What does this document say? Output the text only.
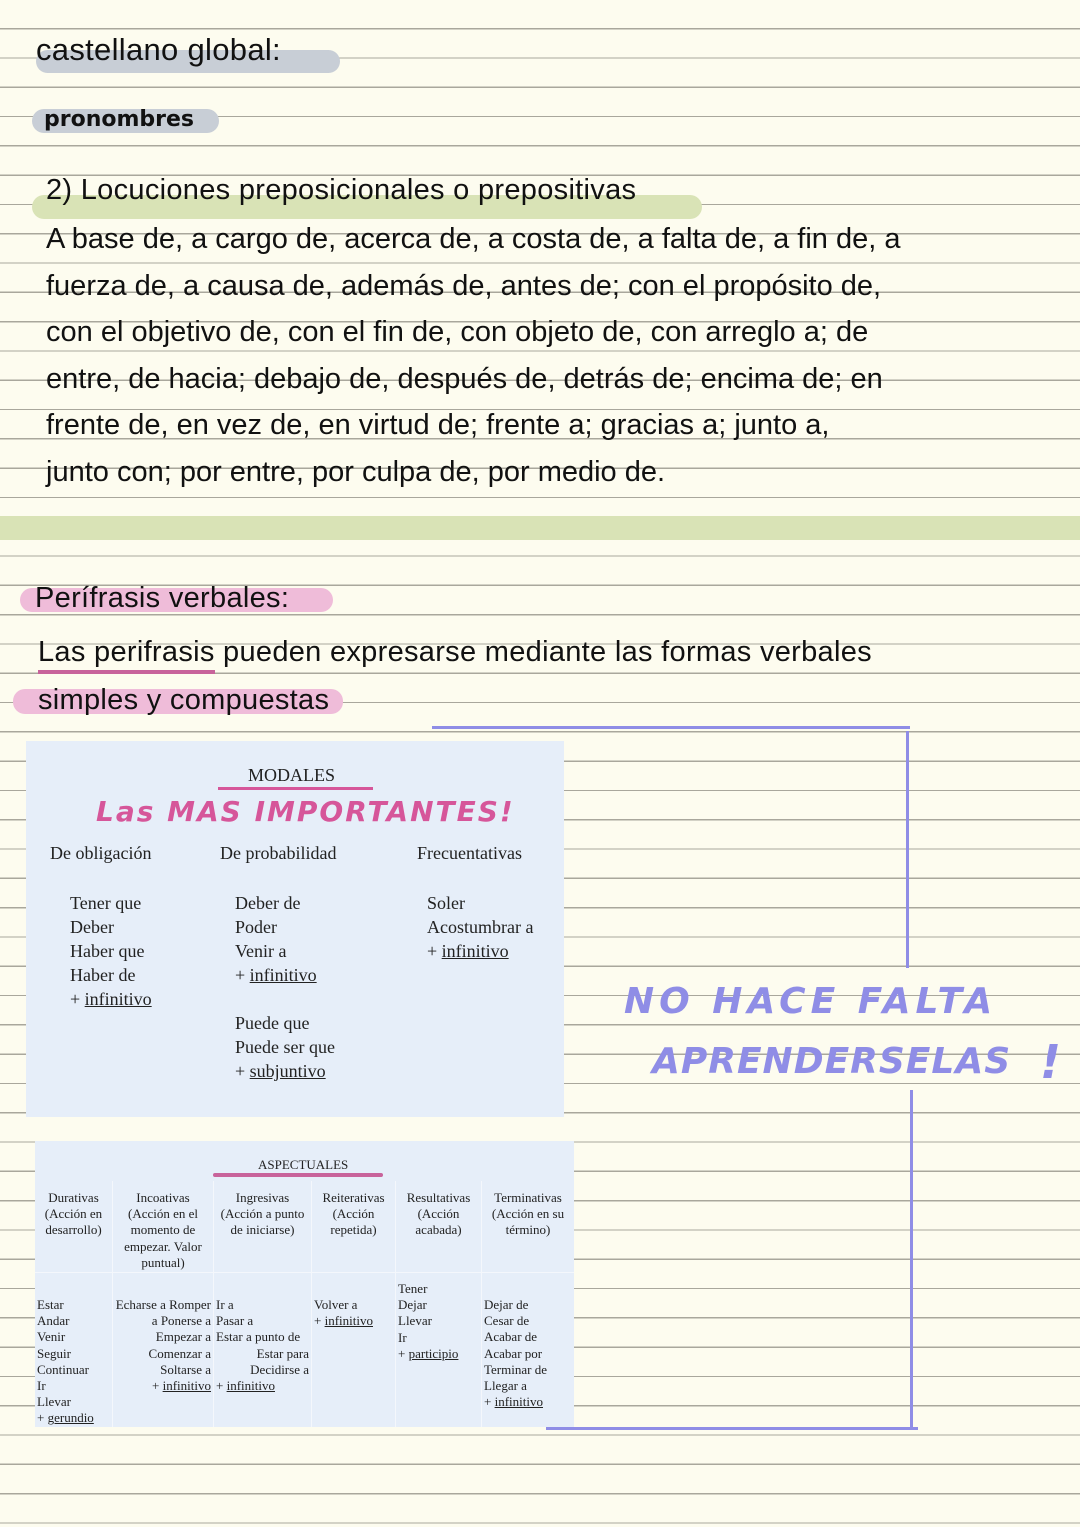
castellano global:
pronombres
2) Locuciones preposicionales o prepositivas
A base de, a cargo de, acerca de, a costa de, a falta de, a fin de, a
fuerza de, a causa de, además de, antes de; con el propósito de,
con el objetivo de, con el fin de, con objeto de, con arreglo a; de
entre, de hacia; debajo de, después de, detrás de; encima de; en
frente de, en vez de, en virtud de; frente a; gracias a; junto a,
junto con; por entre, por culpa de, por medio de.
Perífrasis verbales:
Las perifrasis pueden expresarse mediante las formas verbales
simples y compuestas
MODALES
Las MAS IMPORTANTES!
De obligación
Tener que
Deber
Haber que
Haber de
+ infinitivo
De probabilidad
Deber de
Poder
Venir a
+ infinitivo
Puede que
Puede ser que
+ subjuntivo
Frecuentativas
Soler
Acostumbrar a
+ infinitivo
ASPECTUALES
Durativas (Acción en desarrollo)
Estar
Andar
Venir
Seguir
Continuar
Ir
Llevar
+ gerundio
Incoativas (Acción en el momento de empezar. Valor puntual)
Echarse a Romper
a Ponerse a
Empezar a
Comenzar a
Soltarse a
+ infinitivo
Ingresivas (Acción a punto de iniciarse)
Ir a
Pasar a
Estar a punto de
Estar para
Decidirse a
+ infinitivo
Reiterativas (Acción repetida)
Volver a
+ infinitivo
Resultativas (Acción acabada)
Tener
Dejar
Llevar
Ir
+ participio
Terminativas (Acción en su término)
Dejar de
Cesar de
Acabar de
Acabar por
Terminar de
Llegar a
+ infinitivo
NO HACE FALTA
APRENDERSELAS !
